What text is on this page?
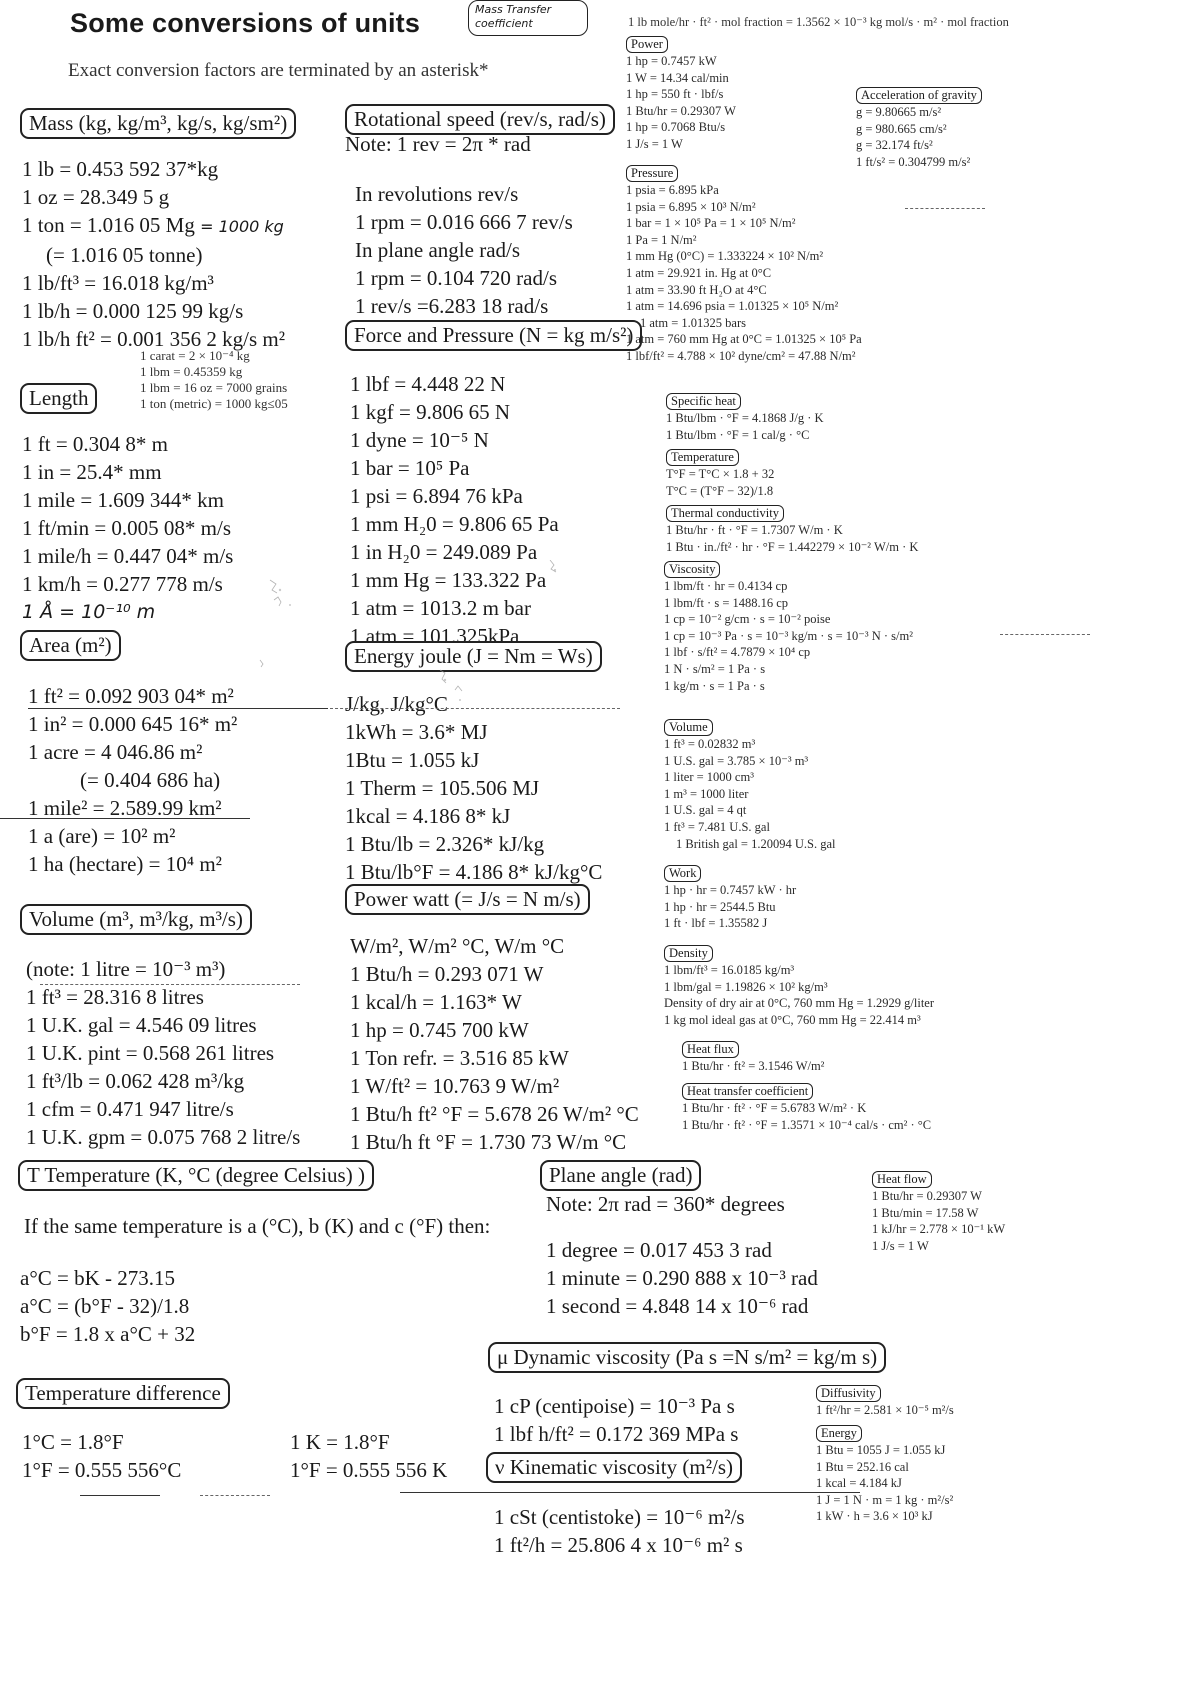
Some conversions of units
Exact conversion factors are terminated by an asterisk*
Mass Transfer
coefficient
Mass (kg, kg/m³, kg/s, kg/sm²)
1 lb = 0.453 592 37*kg
1 oz = 28.349 5 g
1 ton = 1.016 05 Mg = 1000 kg
(= 1.016 05 tonne)
1 lb/ft³ = 16.018 kg/m³
1 lb/h = 0.000 125 99 kg/s
1 lb/h ft² = 0.001 356 2 kg/s m²
1 carat = 2 × 10⁻⁴ kg
1 lbm = 0.45359 kg
1 lbm = 16 oz = 7000 grains
1 ton (metric) = 1000 kg≤05
Length
1 ft = 0.304 8* m
1 in = 25.4* mm
1 mile = 1.609 344* km
1 ft/min = 0.005 08* m/s
1 mile/h = 0.447 04* m/s
1 km/h = 0.277 778 m/s
1 Å = 10⁻¹⁰ m
Area (m²)
1 ft² = 0.092 903 04* m²
1 in² = 0.000 645 16* m²
1 acre = 4 046.86 m²
(= 0.404 686 ha)
1 mile² = 2.589.99 km²
1 a (are) = 10² m²
1 ha (hectare) = 10⁴ m²
Volume (m³, m³/kg, m³/s)
(note: 1 litre = 10⁻³ m³)
1 ft³ = 28.316 8 litres
1 U.K. gal = 4.546 09 litres
1 U.K. pint = 0.568 261 litres
1 ft³/lb = 0.062 428 m³/kg
1 cfm = 0.471 947 litre/s
1 U.K. gpm = 0.075 768 2 litre/s
Rotational speed (rev/s, rad/s)
Note: 1 rev = 2π * rad
In revolutions rev/s
1 rpm = 0.016 666 7 rev/s
In plane angle rad/s
1 rpm = 0.104 720 rad/s
1 rev/s =6.283 18 rad/s
Force and Pressure (N = kg m/s²)
1 lbf = 4.448 22 N
1 kgf = 9.806 65 N
1 dyne = 10⁻⁵ N
1 bar = 10⁵ Pa
1 psi = 6.894 76 kPa
1 mm H₂0 = 9.806 65 Pa
1 in H₂0 = 249.089 Pa
1 mm Hg = 133.322 Pa
1 atm = 1013.2 m bar
1 atm = 101.325kPa
Energy joule (J = Nm = Ws)
J/kg, J/kg°C
1kWh = 3.6* MJ
1Btu = 1.055 kJ
1 Therm = 105.506 MJ
1kcal = 4.186 8* kJ
1 Btu/lb = 2.326* kJ/kg
1 Btu/lb°F = 4.186 8* kJ/kg°C
Power watt (= J/s = N m/s)
W/m², W/m² °C, W/m °C
1 Btu/h = 0.293 071 W
1 kcal/h = 1.163* W
1 hp = 0.745 700 kW
1 Ton refr. = 3.516 85 kW
1 W/ft² = 10.763 9 W/m²
1 Btu/h ft² °F = 5.678 26 W/m² °C
1 Btu/h ft °F = 1.730 73 W/m °C
T Temperature (K, °C (degree Celsius) )
If the same temperature is a (°C), b (K) and c (°F) then:
a°C = bK - 273.15
a°C = (b°F - 32)/1.8
b°F = 1.8 x a°C + 32
Temperature difference
1°C = 1.8°F
1°F = 0.555 556°C
1 K = 1.8°F
1°F = 0.555 556 K
Plane angle (rad)
Note: 2π rad = 360* degrees
1 degree = 0.017 453 3 rad
1 minute = 0.290 888 x 10⁻³ rad
1 second = 4.848 14 x 10⁻⁶ rad
μ Dynamic viscosity (Pa s =N s/m² = kg/m s)
1 cP (centipoise) = 10⁻³ Pa s
1 lbf h/ft² = 0.172 369 MPa s
ν Kinematic viscosity (m²/s)
1 cSt (centistoke) = 10⁻⁶ m²/s
1 ft²/h = 25.806 4 x 10⁻⁶ m² s
1 lb mole/hr · ft² · mol fraction = 1.3562 × 10⁻³ kg mol/s · m² · mol fraction
Power
1 hp = 0.7457 kW
1 W = 14.34 cal/min
1 hp = 550 ft · lbf/s
1 Btu/hr = 0.29307 W
1 hp = 0.7068 Btu/s
1 J/s = 1 W
Acceleration of gravity
g = 9.80665 m/s²
g = 980.665 cm/s²
g = 32.174 ft/s²
1 ft/s² = 0.304799 m/s²
Pressure
1 psia = 6.895 kPa
1 psia = 6.895 × 10³ N/m²
1 bar = 1 × 10⁵ Pa = 1 × 10⁵ N/m²
1 Pa = 1 N/m²
1 mm Hg (0°C) = 1.333224 × 10² N/m²
1 atm = 29.921 in. Hg at 0°C
1 atm = 33.90 ft H₂O at 4°C
1 atm = 14.696 psia = 1.01325 × 10⁵ N/m²
1 atm = 1.01325 bars
1 atm = 760 mm Hg at 0°C = 1.01325 × 10⁵ Pa
1 lbf/ft² = 4.788 × 10² dyne/cm² = 47.88 N/m²
Specific heat
1 Btu/lbm · °F = 4.1868 J/g · K
1 Btu/lbm · °F = 1 cal/g · °C
Temperature
T°F = T°C × 1.8 + 32
T°C = (T°F − 32)/1.8
Thermal conductivity
1 Btu/hr · ft · °F = 1.7307 W/m · K
1 Btu · in./ft² · hr · °F = 1.442279 × 10⁻² W/m · K
Viscosity
1 lbm/ft · hr = 0.4134 cp
1 lbm/ft · s = 1488.16 cp
1 cp = 10⁻² g/cm · s = 10⁻² poise
1 cp = 10⁻³ Pa · s = 10⁻³ kg/m · s = 10⁻³ N · s/m²
1 lbf · s/ft² = 4.7879 × 10⁴ cp
1 N · s/m² = 1 Pa · s
1 kg/m · s = 1 Pa · s
Volume
1 ft³ = 0.02832 m³
1 U.S. gal = 3.785 × 10⁻³ m³
1 liter = 1000 cm³
1 m³ = 1000 liter
1 U.S. gal = 4 qt
1 ft³ = 7.481 U.S. gal
1 British gal = 1.20094 U.S. gal
Work
1 hp · hr = 0.7457 kW · hr
1 hp · hr = 2544.5 Btu
1 ft · lbf = 1.35582 J
Density
1 lbm/ft³ = 16.0185 kg/m³
1 lbm/gal = 1.19826 × 10² kg/m³
Density of dry air at 0°C, 760 mm Hg = 1.2929 g/liter
1 kg mol ideal gas at 0°C, 760 mm Hg = 22.414 m³
Heat flux
1 Btu/hr · ft² = 3.1546 W/m²
Heat transfer coefficient
1 Btu/hr · ft² · °F = 5.6783 W/m² · K
1 Btu/hr · ft² · °F = 1.3571 × 10⁻⁴ cal/s · cm² · °C
Heat flow
1 Btu/hr = 0.29307 W
1 Btu/min = 17.58 W
1 kJ/hr = 2.778 × 10⁻¹ kW
1 J/s = 1 W
Diffusivity
1 ft²/hr = 2.581 × 10⁻⁵ m²/s
Energy
1 Btu = 1055 J = 1.055 kJ
1 Btu = 252.16 cal
1 kcal = 4.184 kJ
1 J = 1 N · m = 1 kg · m²/s²
1 kW · h = 3.6 × 10³ kJ
